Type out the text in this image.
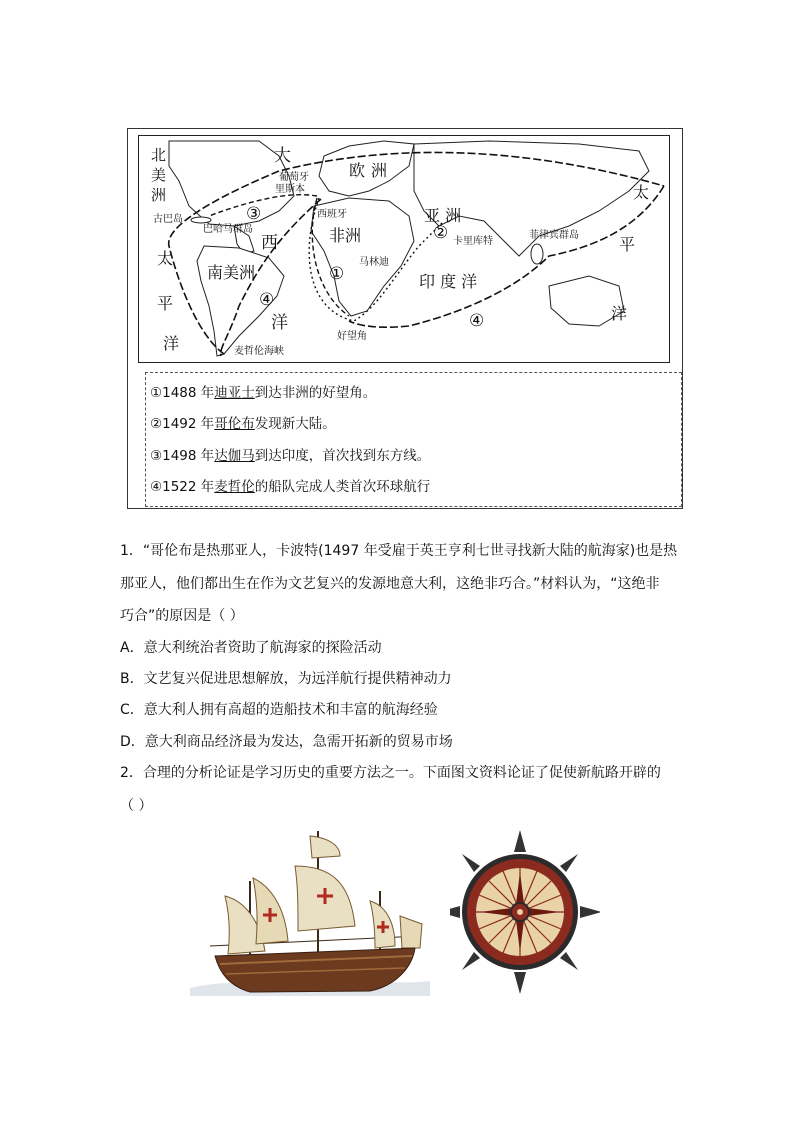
北美洲
大
西
洋
欧 洲
亚 洲
非洲
南美洲	印 度 洋
太
平
洋
太
平
洋
葡萄牙里斯本
西班牙
古巴岛
巴哈马群岛
卡里库特
菲律宾群岛
马林迪
好望角
麦哲伦海峡
①
②
③
④
④
①1488 年迪亚士到达非洲的好望角。
②1492 年哥伦布发现新大陆。
③1498 年达伽马到达印度，首次找到东方线。
④1522 年麦哲伦的船队完成人类首次环球航行
1．“哥伦布是热那亚人，卡波特(1497 年受雇于英王亨利七世寻找新大陆的航海家)也是热
那亚人，他们都出生在作为文艺复兴的发源地意大利，这绝非巧合。”材料认为，“这绝非
巧合”的原因是（ ）
A．意大利统治者资助了航海家的探险活动
B．文艺复兴促进思想解放，为远洋航行提供精神动力
C．意大利人拥有高超的造船技术和丰富的航海经验
D．意大利商品经济最为发达，急需开拓新的贸易市场
2．合理的分析论证是学习历史的重要方法之一。下面图文资料论证了促使新航路开辟的
（ ）
